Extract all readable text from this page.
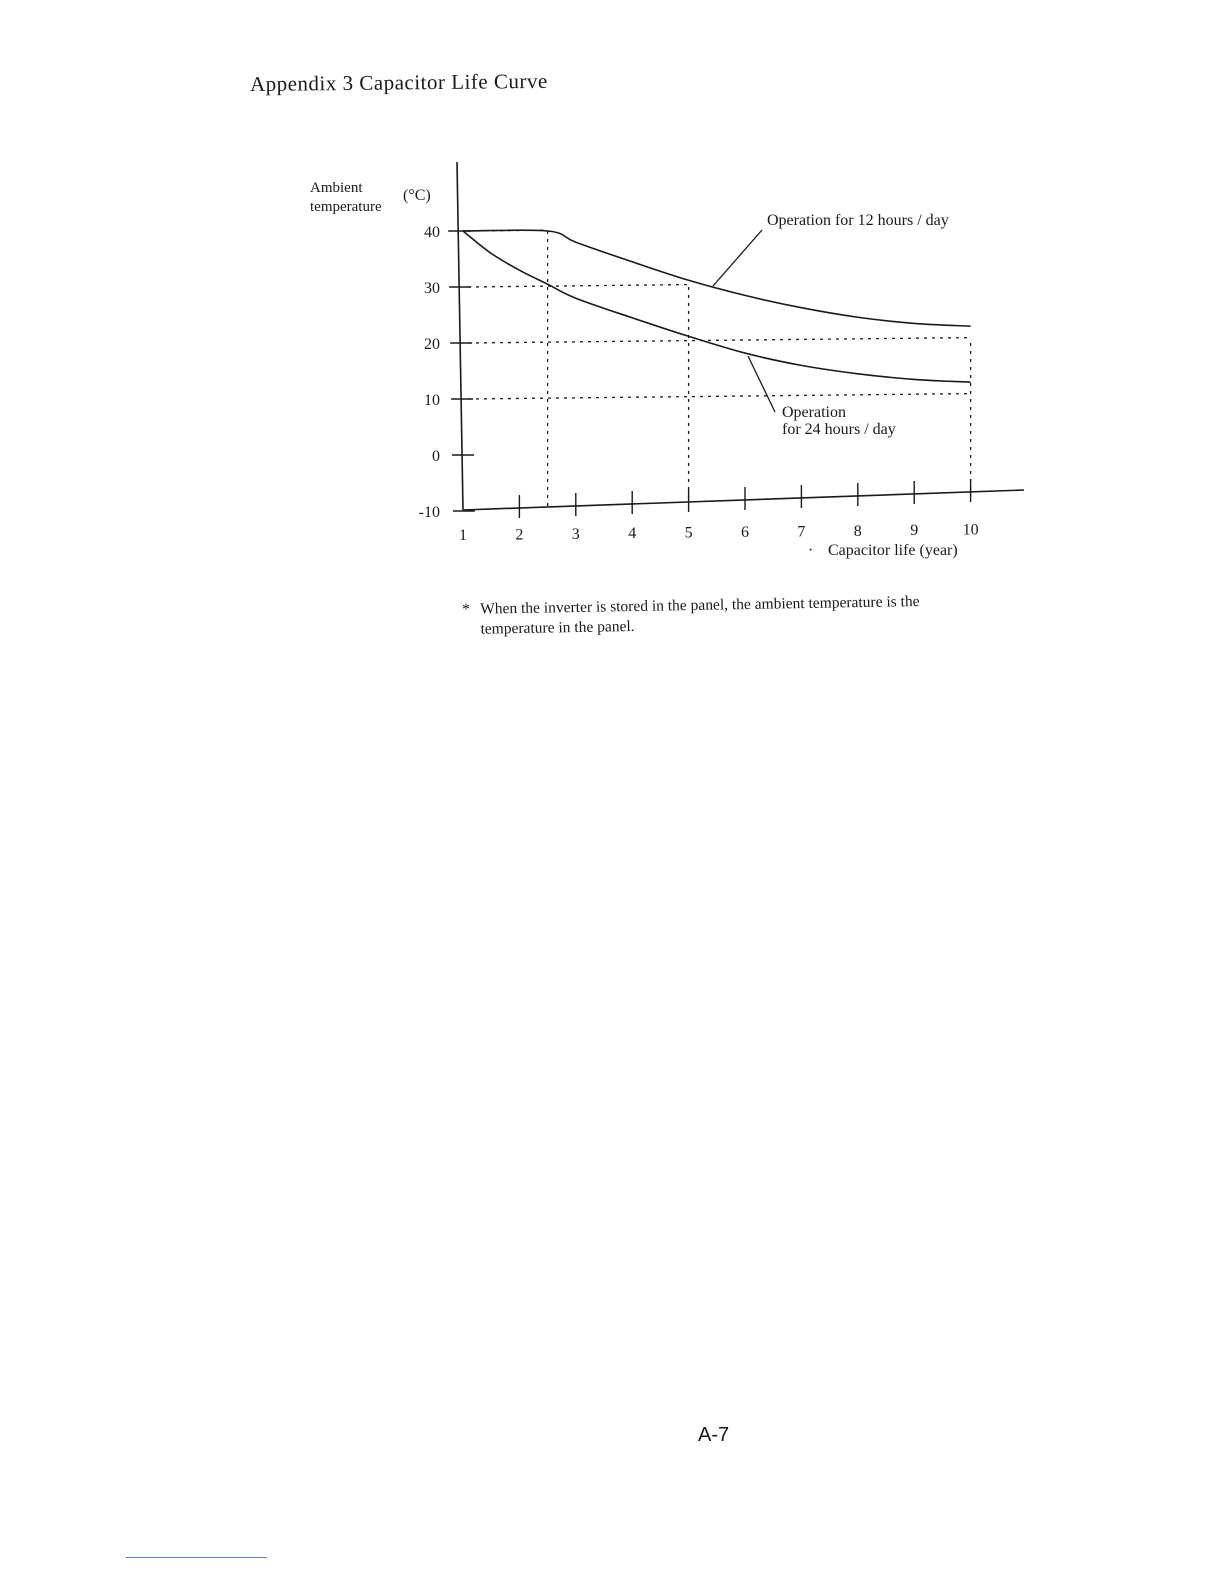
Appendix 3 Capacitor Life Curve
40
30
20
10
0
-10
1	2	3	4	5	6	7	8	9	10
Operation for 12 hours / day
Operation
for 24 hours / day
Ambient
temperature
(°C)
· Capacitor life (year)
* When the inverter is stored in the panel, the ambient temperature is the temperature in the panel.
A-7
